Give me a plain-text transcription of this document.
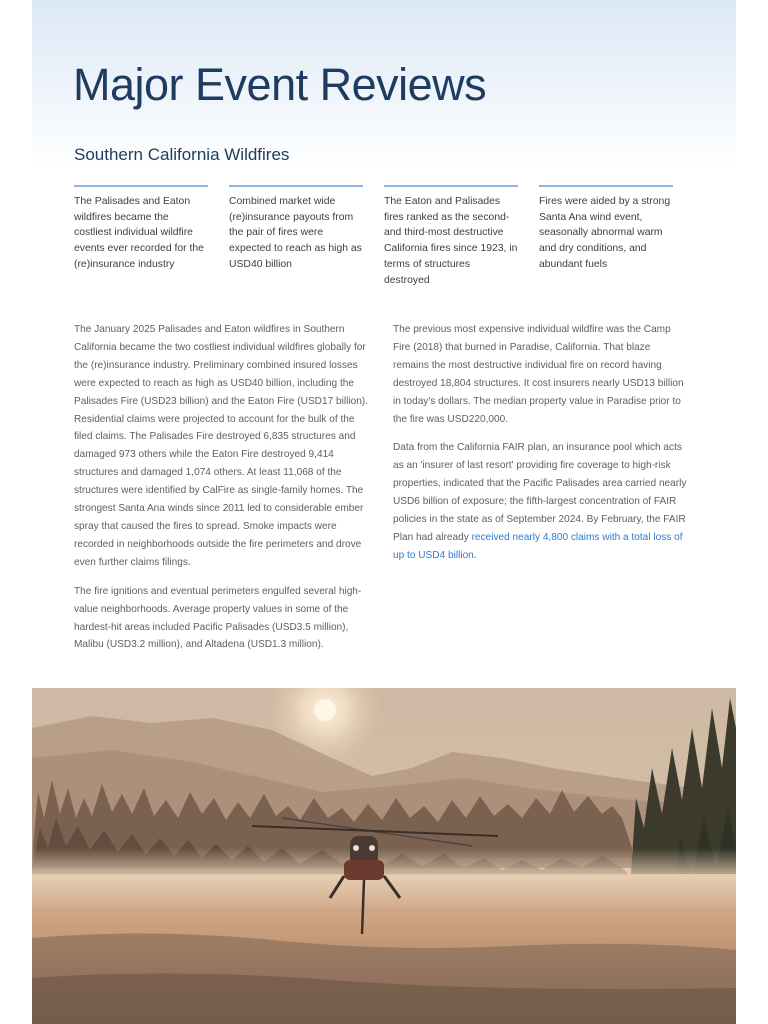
Major Event Reviews
Southern California Wildfires
The Palisades and Eaton wildfires became the costliest individual wildfire events ever recorded for the (re)insurance industry
Combined market wide (re)insurance payouts from the pair of fires were expected to reach as high as USD40 billion
The Eaton and Palisades fires ranked as the second- and third-most destructive California fires since 1923, in terms of structures destroyed
Fires were aided by a strong Santa Ana wind event, seasonally abnormal warm and dry conditions, and abundant fuels

The January 2025 Palisades and Eaton wildfires in Southern California became the two costliest individual wildfires globally for the (re)insurance industry. Preliminary combined insured losses were expected to reach as high as USD40 billion, including the Palisades Fire (USD23 billion) and the Eaton Fire (USD17 billion). Residential claims were projected to account for the bulk of the filed claims. The Palisades Fire destroyed 6,835 structures and damaged 973 others while the Eaton Fire destroyed 9,414 structures and damaged 1,074 others. At least 11,068 of the structures were identified by CalFire as single-family homes. The strongest Santa Ana winds since 2011 led to considerable ember spray that caused the fires to spread. Smoke impacts were recorded in neighborhoods outside the fire perimeters and drove even further claims filings.

The fire ignitions and eventual perimeters engulfed several high-value neighborhoods. Average property values in some of the hardest-hit areas included Pacific Palisades (USD3.5 million), Malibu (USD3.2 million), and Altadena (USD1.3 million).

The previous most expensive individual wildfire was the Camp Fire (2018) that burned in Paradise, California. That blaze remains the most destructive individual fire on record having destroyed 18,804 structures. It cost insurers nearly USD13 billion in today's dollars. The median property value in Paradise prior to the fire was USD220,000.

Data from the California FAIR plan, an insurance pool which acts as an 'insurer of last resort' providing fire coverage to high-risk properties, indicated that the Pacific Palisades area carried nearly USD6 billion of exposure; the fifth-largest concentration of FAIR policies in the state as of September 2024. By February, the FAIR Plan had already received nearly 4,800 claims with a total loss of up to USD4 billion.
